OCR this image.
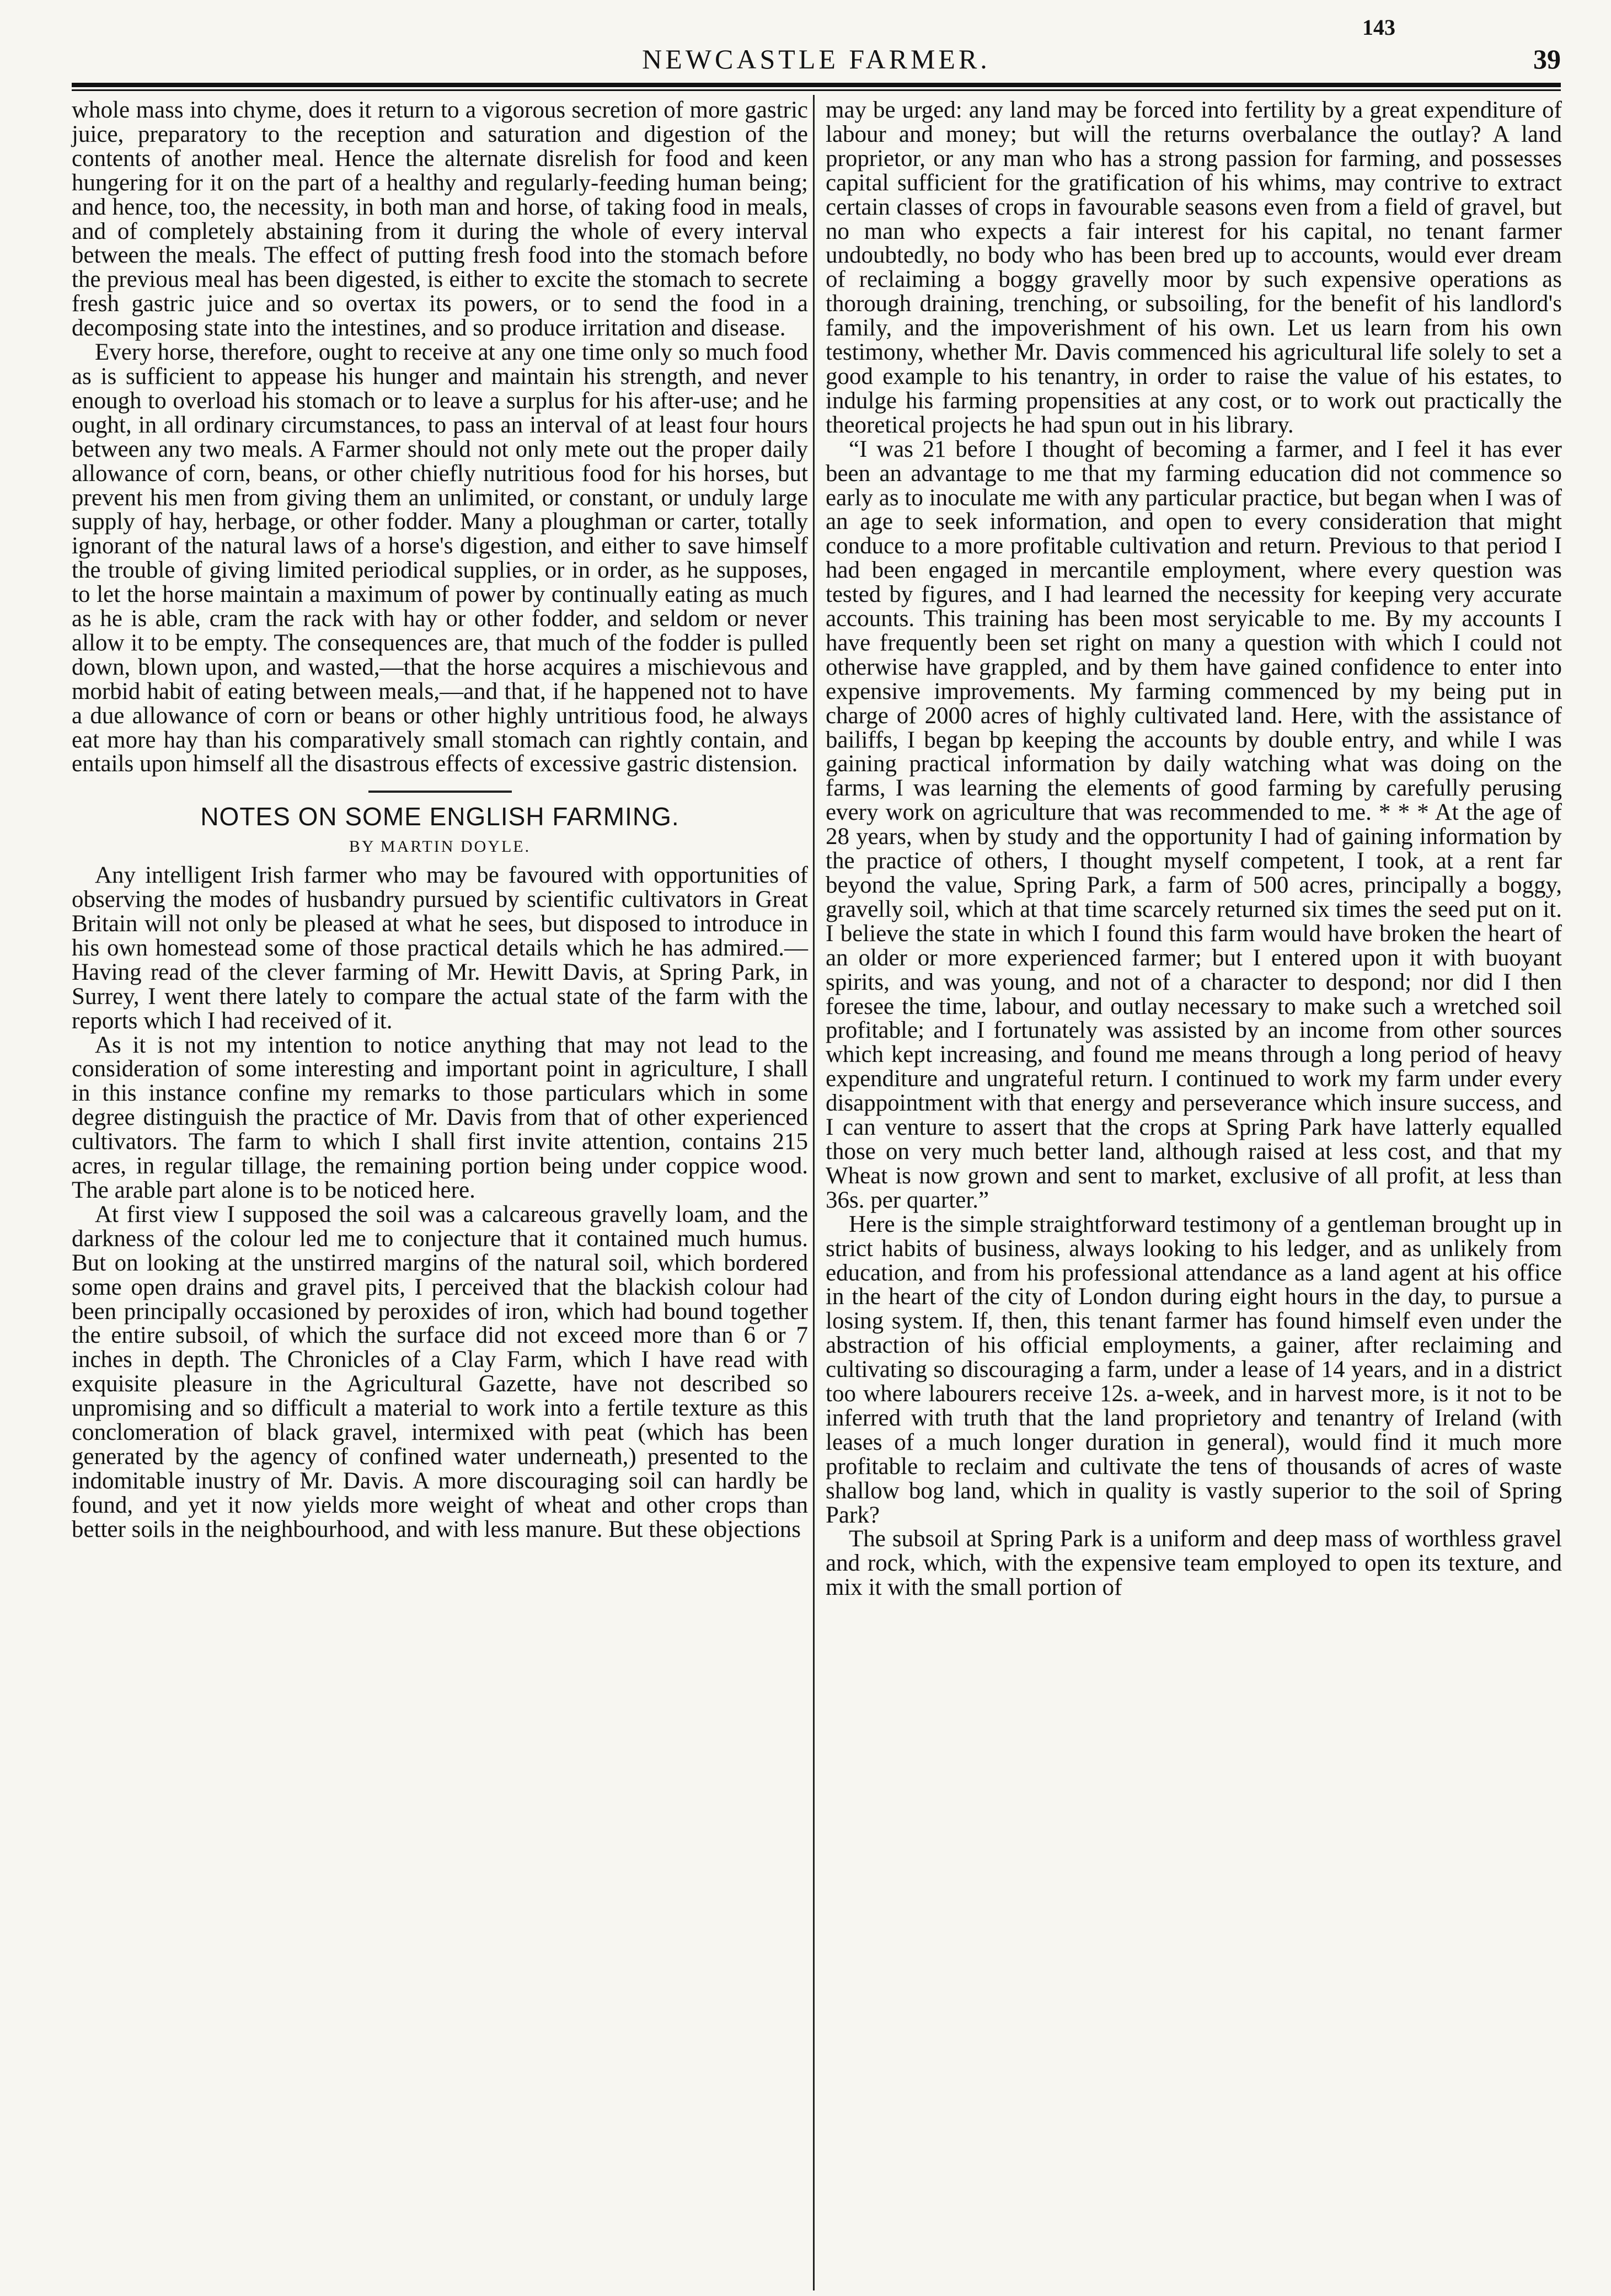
NEWCASTLE FARMER.
143
39

whole mass into chyme, does it return to a vigorous secretion of more gastric juice, preparatory to the reception and saturation and digestion of the contents of another meal. Hence the alternate disrelish for food and keen hungering for it on the part of a healthy and regularly-feeding human being; and hence, too, the necessity, in both man and horse, of taking food in meals, and of completely abstaining from it during the whole of every interval between the meals. The effect of putting fresh food into the stomach before the previous meal has been digested, is either to excite the stomach to secrete fresh gastric juice and so overtax its powers, or to send the food in a decomposing state into the intestines, and so produce irritation and disease.

Every horse, therefore, ought to receive at any one time only so much food as is sufficient to appease his hunger and maintain his strength, and never enough to overload his stomach or to leave a surplus for his after-use; and he ought, in all ordinary circumstances, to pass an interval of at least four hours between any two meals. A Farmer should not only mete out the proper daily allowance of corn, beans, or other chiefly nutritious food for his horses, but prevent his men from giving them an unlimited, or constant, or unduly large supply of hay, herbage, or other fodder. Many a ploughman or carter, totally ignorant of the natural laws of a horse's digestion, and either to save himself the trouble of giving limited periodical supplies, or in order, as he supposes, to let the horse maintain a maximum of power by continually eating as much as he is able, cram the rack with hay or other fodder, and seldom or never allow it to be empty. The consequences are, that much of the fodder is pulled down, blown upon, and wasted,—that the horse acquires a mischievous and morbid habit of eating between meals,—and that, if he happened not to have a due allowance of corn or beans or other highly untritious food, he always eat more hay than his comparatively small stomach can rightly contain, and entails upon himself all the disastrous effects of excessive gastric distension.

NOTES ON SOME ENGLISH FARMING.
BY MARTIN DOYLE.

Any intelligent Irish farmer who may be favoured with opportunities of observing the modes of husbandry pursued by scientific cultivators in Great Britain will not only be pleased at what he sees, but disposed to introduce in his own homestead some of those practical details which he has admired.—Having read of the clever farming of Mr. Hewitt Davis, at Spring Park, in Surrey, I went there lately to compare the actual state of the farm with the reports which I had received of it.

As it is not my intention to notice anything that may not lead to the consideration of some interesting and important point in agriculture, I shall in this instance confine my remarks to those particulars which in some degree distinguish the practice of Mr. Davis from that of other experienced cultivators. The farm to which I shall first invite attention, contains 215 acres, in regular tillage, the remaining portion being under coppice wood. The arable part alone is to be noticed here.

At first view I supposed the soil was a calcareous gravelly loam, and the darkness of the colour led me to conjecture that it contained much humus. But on looking at the unstirred margins of the natural soil, which bordered some open drains and gravel pits, I perceived that the blackish colour had been principally occasioned by peroxides of iron, which had bound together the entire subsoil, of which the surface did not exceed more than 6 or 7 inches in depth. The Chronicles of a Clay Farm, which I have read with exquisite pleasure in the Agricultural Gazette, have not described so unpromising and so difficult a material to work into a fertile texture as this conclomeration of black gravel, intermixed with peat (which has been generated by the agency of confined water underneath,) presented to the indomitable inustry of Mr. Davis. A more discouraging soil can hardly be found, and yet it now yields more weight of wheat and other crops than better soils in the neighbourhood, and with less manure. But these objections

may be urged: any land may be forced into fertility by a great expenditure of labour and money; but will the returns overbalance the outlay? A land proprietor, or any man who has a strong passion for farming, and possesses capital sufficient for the gratification of his whims, may contrive to extract certain classes of crops in favourable seasons even from a field of gravel, but no man who expects a fair interest for his capital, no tenant farmer undoubtedly, no body who has been bred up to accounts, would ever dream of reclaiming a boggy gravelly moor by such expensive operations as thorough draining, trenching, or subsoiling, for the benefit of his landlord's family, and the impoverishment of his own. Let us learn from his own testimony, whether Mr. Davis commenced his agricultural life solely to set a good example to his tenantry, in order to raise the value of his estates, to indulge his farming propensities at any cost, or to work out practically the theoretical projects he had spun out in his library.

“I was 21 before I thought of becoming a farmer, and I feel it has ever been an advantage to me that my farming education did not commence so early as to inoculate me with any particular practice, but began when I was of an age to seek information, and open to every consideration that might conduce to a more profitable cultivation and return. Previous to that period I had been engaged in mercantile employment, where every question was tested by figures, and I had learned the necessity for keeping very accurate accounts. This training has been most seryicable to me. By my accounts I have frequently been set right on many a question with which I could not otherwise have grappled, and by them have gained confidence to enter into expensive improvements. My farming commenced by my being put in charge of 2000 acres of highly cultivated land. Here, with the assistance of bailiffs, I began bp keeping the accounts by double entry, and while I was gaining practical information by daily watching what was doing on the farms, I was learning the elements of good farming by carefully perusing every work on agriculture that was recommended to me. * * * At the age of 28 years, when by study and the opportunity I had of gaining information by the practice of others, I thought myself competent, I took, at a rent far beyond the value, Spring Park, a farm of 500 acres, principally a boggy, gravelly soil, which at that time scarcely returned six times the seed put on it. I believe the state in which I found this farm would have broken the heart of an older or more experienced farmer; but I entered upon it with buoyant spirits, and was young, and not of a character to despond; nor did I then foresee the time, labour, and outlay necessary to make such a wretched soil profitable; and I fortunately was assisted by an income from other sources which kept increasing, and found me means through a long period of heavy expenditure and ungrateful return. I continued to work my farm under every disappointment with that energy and perseverance which insure success, and I can venture to assert that the crops at Spring Park have latterly equalled those on very much better land, although raised at less cost, and that my Wheat is now grown and sent to market, exclusive of all profit, at less than 36s. per quarter.”

Here is the simple straightforward testimony of a gentleman brought up in strict habits of business, always looking to his ledger, and as unlikely from education, and from his professional attendance as a land agent at his office in the heart of the city of London during eight hours in the day, to pursue a losing system. If, then, this tenant farmer has found himself even under the abstraction of his official employments, a gainer, after reclaiming and cultivating so discouraging a farm, under a lease of 14 years, and in a district too where labourers receive 12s. a-week, and in harvest more, is it not to be inferred with truth that the land proprietory and tenantry of Ireland (with leases of a much longer duration in general), would find it much more profitable to reclaim and cultivate the tens of thousands of acres of waste shallow bog land, which in quality is vastly superior to the soil of Spring Park?

The subsoil at Spring Park is a uniform and deep mass of worthless gravel and rock, which, with the expensive team employed to open its texture, and mix it with the small portion of
